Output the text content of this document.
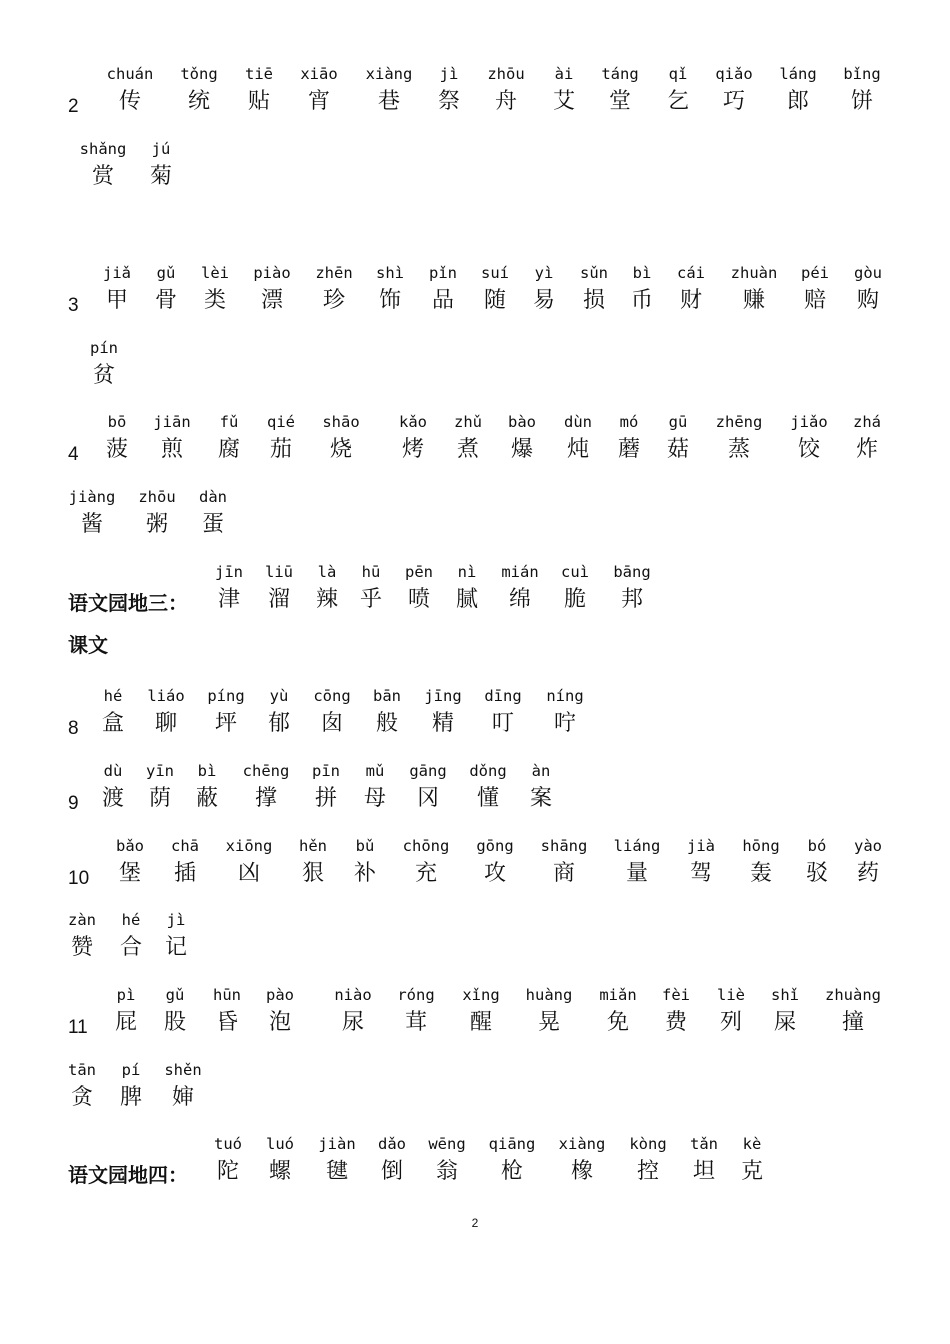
2
chuán
传
tǒng
统
tiē
贴
xiāo
宵
xiàng
巷
jì
祭
zhōu
舟
ài
艾
táng
堂
qǐ
乞
qiǎo
巧
láng
郎
bǐng
饼
shǎng
赏
jú
菊
3
jiǎ
甲
gǔ
骨
lèi
类
piào
漂
zhēn
珍
shì
饰
pǐn
品
suí
随
yì
易
sǔn
损
bì
币
cái
财
zhuàn
赚
péi
赔
gòu
购
pín
贫
4
bō
菠
jiān
煎
fǔ
腐
qié
茄
shāo
烧
kǎo
烤
zhǔ
煮
bào
爆
dùn
炖
mó
蘑
gū
菇
zhēng
蒸
jiǎo
饺
zhá
炸
jiàng
酱
zhōu
粥
dàn
蛋
语文园地三：
jīn
津
liū
溜
là
辣
hū
乎
pēn
喷
nì
腻
mián
绵
cuì
脆
bāng
邦
8
hé
盒
liáo
聊
píng
坪
yù
郁
cōng
囱
bān
般
jīng
精
dīng
叮
níng
咛
9
dù
渡
yīn
荫
bì
蔽
chēng
撑
pīn
拼
mǔ
母
gāng
冈
dǒng
懂
àn
案
10
bǎo
堡
chā
插
xiōng
凶
hěn
狠
bǔ
补
chōng
充
gōng
攻
shāng
商
liáng
量
jià
驾
hōng
轰
bó
驳
yào
药
zàn
赞
hé
合
jì
记
11
pì
屁
gǔ
股
hūn
昏
pào
泡
niào
尿
róng
茸
xǐng
醒
huàng
晃
miǎn
免
fèi
费
liè
列
shǐ
屎
zhuàng
撞
tān
贪
pí
脾
shěn
婶
语文园地四：
tuó
陀
luó
螺
jiàn
毽
dǎo
倒
wēng
翁
qiāng
枪
xiàng
橡
kòng
控
tǎn
坦
kè
克
课文
2
